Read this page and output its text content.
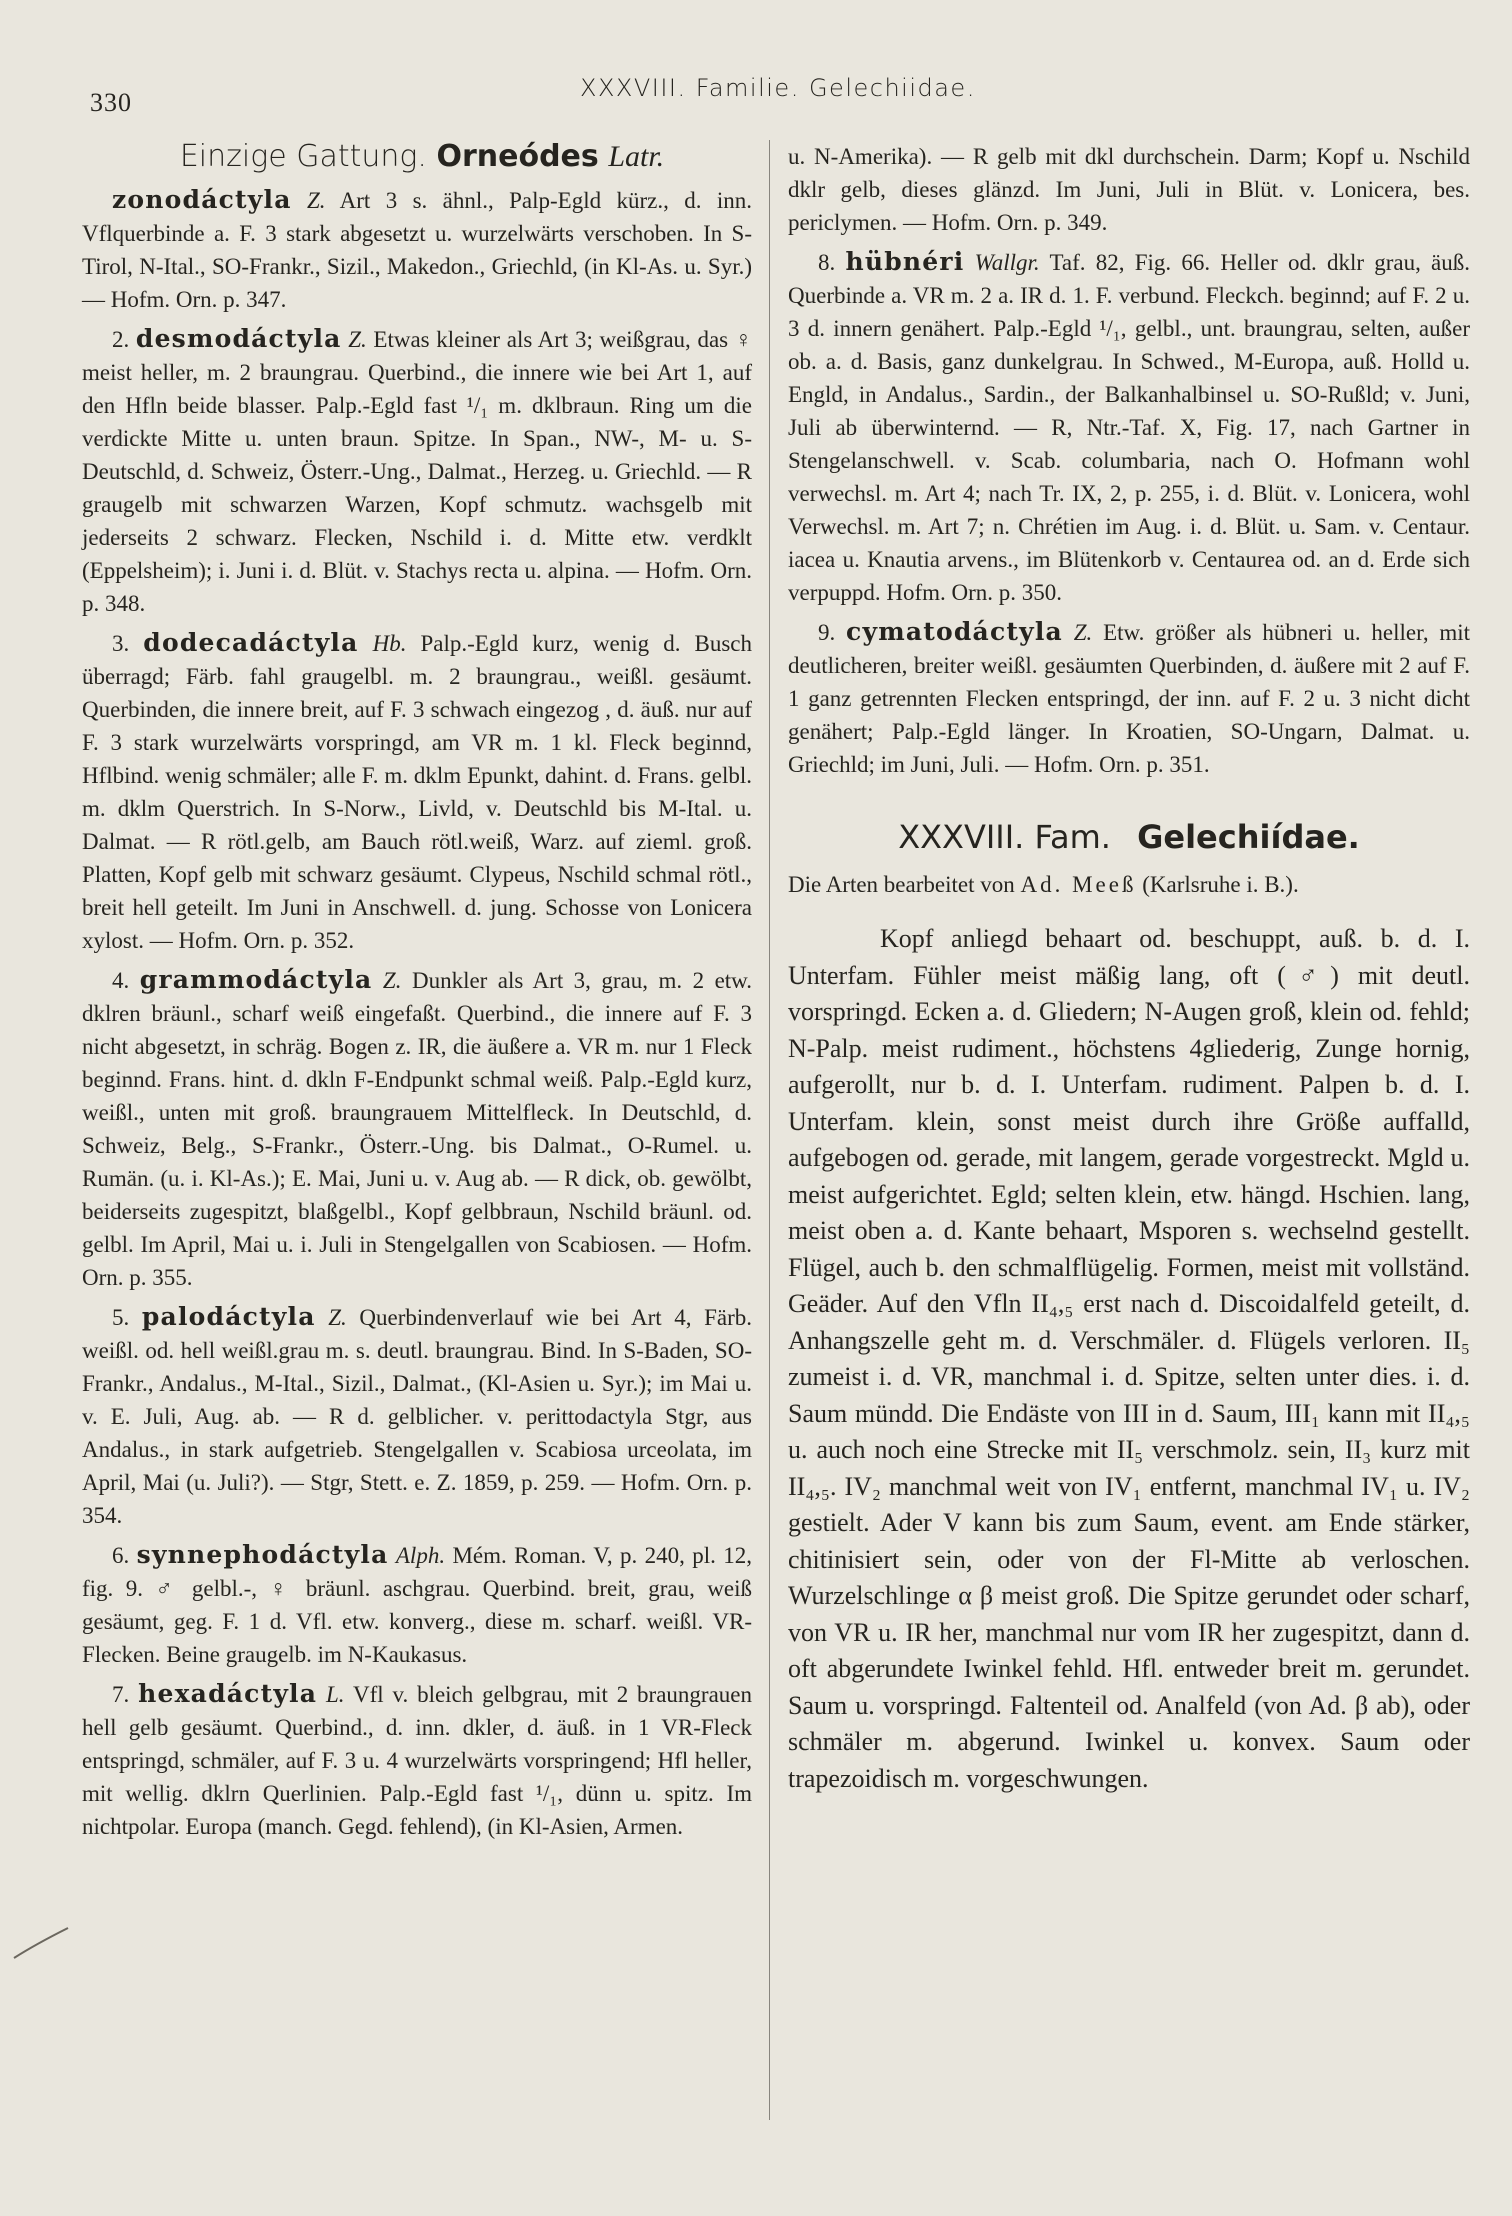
330	XXXVIII. Familie. Gelechiidae.
Einzige Gattung. Orneódes Latr.

zonodáctyla Z. Art 3 s. ähnl., Palp-Egld kürz., d. inn. Vflquerbinde a. F. 3 stark abgesetzt u. wurzelwärts verschoben. In S-Tirol, N-Ital., SO-Frankr., Sizil., Makedon., Griechld, (in Kl-As. u. Syr.) — Hofm. Orn. p. 347.

2. desmodáctyla Z. Etwas kleiner als Art 3; weißgrau, das ♀ meist heller, m. 2 braungrau. Querbind., die innere wie bei Art 1, auf den Hfln beide blasser. Palp.-Egld fast ¹/₁ m. dklbraun. Ring um die verdickte Mitte u. unten braun. Spitze. In Span., NW-, M- u. S-Deutschld, d. Schweiz, Österr.-Ung., Dalmat., Herzeg. u. Griechld. — R graugelb mit schwarzen Warzen, Kopf schmutz. wachsgelb mit jederseits 2 schwarz. Flecken, Nschild i. d. Mitte etw. verdklt (Eppelsheim); i. Juni i. d. Blüt. v. Stachys recta u. alpina. — Hofm. Orn. p. 348.

3. dodecadáctyla Hb. Palp.-Egld kurz, wenig d. Busch überragd; Färb. fahl graugelbl. m. 2 braungrau., weißl. gesäumt. Querbinden, die innere breit, auf F. 3 schwach eingezog , d. äuß. nur auf F. 3 stark wurzelwärts vorspringd, am VR m. 1 kl. Fleck beginnd, Hflbind. wenig schmäler; alle F. m. dklm Epunkt, dahint. d. Frans. gelbl. m. dklm Querstrich. In S-Norw., Livld, v. Deutschld bis M-Ital. u. Dalmat. — R rötl.gelb, am Bauch rötl.weiß, Warz. auf zieml. groß. Platten, Kopf gelb mit schwarz gesäumt. Clypeus, Nschild schmal rötl., breit hell geteilt. Im Juni in Anschwell. d. jung. Schosse von Lonicera xylost. — Hofm. Orn. p. 352.

4. grammodáctyla Z. Dunkler als Art 3, grau, m. 2 etw. dklren bräunl., scharf weiß eingefaßt. Querbind., die innere auf F. 3 nicht abgesetzt, in schräg. Bogen z. IR, die äußere a. VR m. nur 1 Fleck beginnd. Frans. hint. d. dkln F-Endpunkt schmal weiß. Palp.-Egld kurz, weißl., unten mit groß. braungrauem Mittelfleck. In Deutschld, d. Schweiz, Belg., S-Frankr., Österr.-Ung. bis Dalmat., O-Rumel. u. Rumän. (u. i. Kl-As.); E. Mai, Juni u. v. Aug ab. — R dick, ob. gewölbt, beiderseits zugespitzt, blaßgelbl., Kopf gelbbraun, Nschild bräunl. od. gelbl. Im April, Mai u. i. Juli in Stengelgallen von Scabiosen. — Hofm. Orn. p. 355.

5. palodáctyla Z. Querbindenverlauf wie bei Art 4, Färb. weißl. od. hell weißl.grau m. s. deutl. braungrau. Bind. In S-Baden, SO-Frankr., Andalus., M-Ital., Sizil., Dalmat., (Kl-Asien u. Syr.); im Mai u. v. E. Juli, Aug. ab. — R d. gelblicher. v. perittodactyla Stgr, aus Andalus., in stark aufgetrieb. Stengelgallen v. Scabiosa urceolata, im April, Mai (u. Juli?). — Stgr, Stett. e. Z. 1859, p. 259. — Hofm. Orn. p. 354.

6. synnephodáctyla Alph. Mém. Roman. V, p. 240, pl. 12, fig. 9. ♂ gelbl.-, ♀ bräunl. aschgrau. Querbind. breit, grau, weiß gesäumt, geg. F. 1 d. Vfl. etw. konverg., diese m. scharf. weißl. VR-Flecken. Beine graugelb. im N-Kaukasus.

7. hexadáctyla L. Vfl v. bleich gelbgrau, mit 2 braungrauen hell gelb gesäumt. Querbind., d. inn. dkler, d. äuß. in 1 VR-Fleck entspringd, schmäler, auf F. 3 u. 4 wurzelwärts vorspringend; Hfl heller, mit wellig. dklrn Querlinien. Palp.-Egld fast ¹/₁, dünn u. spitz. Im nichtpolar. Europa (manch. Gegd. fehlend), (in Kl-Asien, Armen.

u. N-Amerika). — R gelb mit dkl durchschein. Darm; Kopf u. Nschild dklr gelb, dieses glänzd. Im Juni, Juli in Blüt. v. Lonicera, bes. periclymen. — Hofm. Orn. p. 349.

8. hübnéri Wallgr. Taf. 82, Fig. 66. Heller od. dklr grau, äuß. Querbinde a. VR m. 2 a. IR d. 1. F. verbund. Fleckch. beginnd; auf F. 2 u. 3 d. innern genähert. Palp.-Egld ¹/₁, gelbl., unt. braungrau, selten, außer ob. a. d. Basis, ganz dunkelgrau. In Schwed., M-Europa, auß. Holld u. Engld, in Andalus., Sardin., der Balkanhalbinsel u. SO-Rußld; v. Juni, Juli ab überwinternd. — R, Ntr.-Taf. X, Fig. 17, nach Gartner in Stengelanschwell. v. Scab. columbaria, nach O. Hofmann wohl verwechsl. m. Art 4; nach Tr. IX, 2, p. 255, i. d. Blüt. v. Lonicera, wohl Verwechsl. m. Art 7; n. Chrétien im Aug. i. d. Blüt. u. Sam. v. Centaur. iacea u. Knautia arvens., im Blütenkorb v. Centaurea od. an d. Erde sich verpuppd. Hofm. Orn. p. 350.

9. cymatodáctyla Z. Etw. größer als hübneri u. heller, mit deutlicheren, breiter weißl. gesäumten Querbinden, d. äußere mit 2 auf F. 1 ganz getrennten Flecken entspringd, der inn. auf F. 2 u. 3 nicht dicht genähert; Palp.-Egld länger. In Kroatien, SO-Ungarn, Dalmat. u. Griechld; im Juni, Juli. — Hofm. Orn. p. 351.

XXXVIII. Fam. Gelechiídae.

Die Arten bearbeitet von Ad. Meeß (Karlsruhe i. B.).

Kopf anliegd behaart od. beschuppt, auß. b. d. I. Unterfam. Fühler meist mäßig lang, oft (♂) mit deutl. vorspringd. Ecken a. d. Gliedern; N-Augen groß, klein od. fehld; N-Palp. meist rudiment., höchstens 4gliederig, Zunge hornig, aufgerollt, nur b. d. I. Unterfam. rudiment. Palpen b. d. I. Unterfam. klein, sonst meist durch ihre Größe auffalld, aufgebogen od. gerade, mit langem, gerade vorgestreckt. Mgld u. meist aufgerichtet. Egld; selten klein, etw. hängd. Hschien. lang, meist oben a. d. Kante behaart, Msporen s. wechselnd gestellt. Flügel, auch b. den schmalflügelig. Formen, meist mit vollständ. Geäder. Auf den Vfln II₄,₅ erst nach d. Discoidalfeld geteilt, d. Anhangszelle geht m. d. Verschmäler. d. Flügels verloren. II₅ zumeist i. d. VR, manchmal i. d. Spitze, selten unter dies. i. d. Saum mündd. Die Endäste von III in d. Saum, III₁ kann mit II₄,₅ u. auch noch eine Strecke mit II₅ verschmolz. sein, II₃ kurz mit II₄,₅. IV₂ manchmal weit von IV₁ entfernt, manchmal IV₁ u. IV₂ gestielt. Ader V kann bis zum Saum, event. am Ende stärker, chitinisiert sein, oder von der Fl-Mitte ab verloschen. Wurzelschlinge α β meist groß. Die Spitze gerundet oder scharf, von VR u. IR her, manchmal nur vom IR her zugespitzt, dann d. oft abgerundete Iwinkel fehld. Hfl. entweder breit m. gerundet. Saum u. vorspringd. Faltenteil od. Analfeld (von Ad. β ab), oder schmäler m. abgerund. Iwinkel u. konvex. Saum oder trapezoidisch m. vorgeschwungen.
